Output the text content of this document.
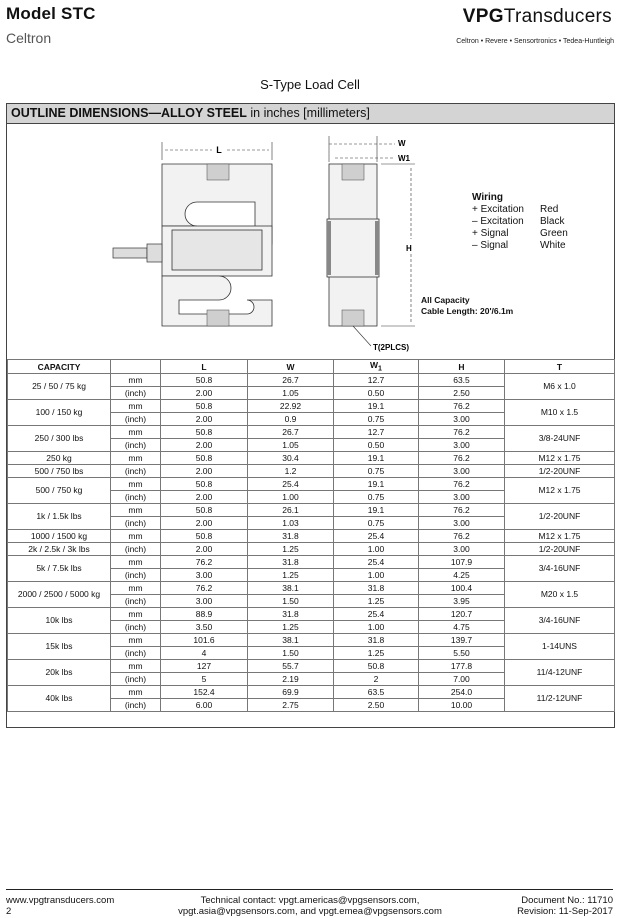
Model STC
Celtron
VPGTransducers
Celtron • Revere • Sensortronics • Tedea-Huntleigh
S-Type Load Cell
OUTLINE DIMENSIONS—ALLOY STEEL in inches [millimeters]
L
W
W1
H
T(2PLCS)
Wiring
+ Excitation	Red
– Excitation	Black
+ Signal	Green
– Signal	White
All Capacity
Cable Length: 20'/6.1m
CAPACITY		L	W	$W_1$	H	T
25 / 50 / 75 kg	mm	50.8	26.7	12.7	63.5	M6 x 1.0
	(inch)	2.00	1.05	0.50	2.50	
100 / 150 kg	mm	50.8	22.92	19.1	76.2	M10 x 1.5
	(inch)	2.00	0.9	0.75	3.00	
250 / 300 lbs	mm	50.8	26.7	12.7	76.2	3/8-24UNF
	(inch)	2.00	1.05	0.50	3.00	
250 kg	mm	50.8	30.4	19.1	76.2	M12 x 1.75
500 / 750 lbs	(inch)	2.00	1.2	0.75	3.00	1/2-20UNF
500 / 750 kg	mm	50.8	25.4	19.1	76.2	M12 x 1.75
	(inch)	2.00	1.00	0.75	3.00	
1k / 1.5k lbs	mm	50.8	26.1	19.1	76.2	1/2-20UNF
	(inch)	2.00	1.03	0.75	3.00	
1000 / 1500 kg	mm	50.8	31.8	25.4	76.2	M12 x 1.75
2k / 2.5k / 3k lbs	(inch)	2.00	1.25	1.00	3.00	1/2-20UNF
5k / 7.5k lbs	mm	76.2	31.8	25.4	107.9	3/4-16UNF
	(inch)	3.00	1.25	1.00	4.25	
2000 / 2500 / 5000 kg	mm	76.2	38.1	31.8	100.4	M20 x 1.5
	(inch)	3.00	1.50	1.25	3.95	
10k lbs	mm	88.9	31.8	25.4	120.7	3/4-16UNF
	(inch)	3.50	1.25	1.00	4.75	
15k lbs	mm	101.6	38.1	31.8	139.7	1-14UNS
	(inch)	4	1.50	1.25	5.50	
20k lbs	mm	127	55.7	50.8	177.8	11/4-12UNF
	(inch)	5	2.19	2	7.00	
40k lbs	mm	152.4	69.9	63.5	254.0	11/2-12UNF
	(inch)	6.00	2.75	2.50	10.00	
www.vpgtransducers.com
2
Technical contact: vpgt.americas@vpgsensors.com,
vpgt.asia@vpgsensors.com, and vpgt.emea@vpgsensors.com
Document No.: 11710
Revision: 11-Sep-2017
